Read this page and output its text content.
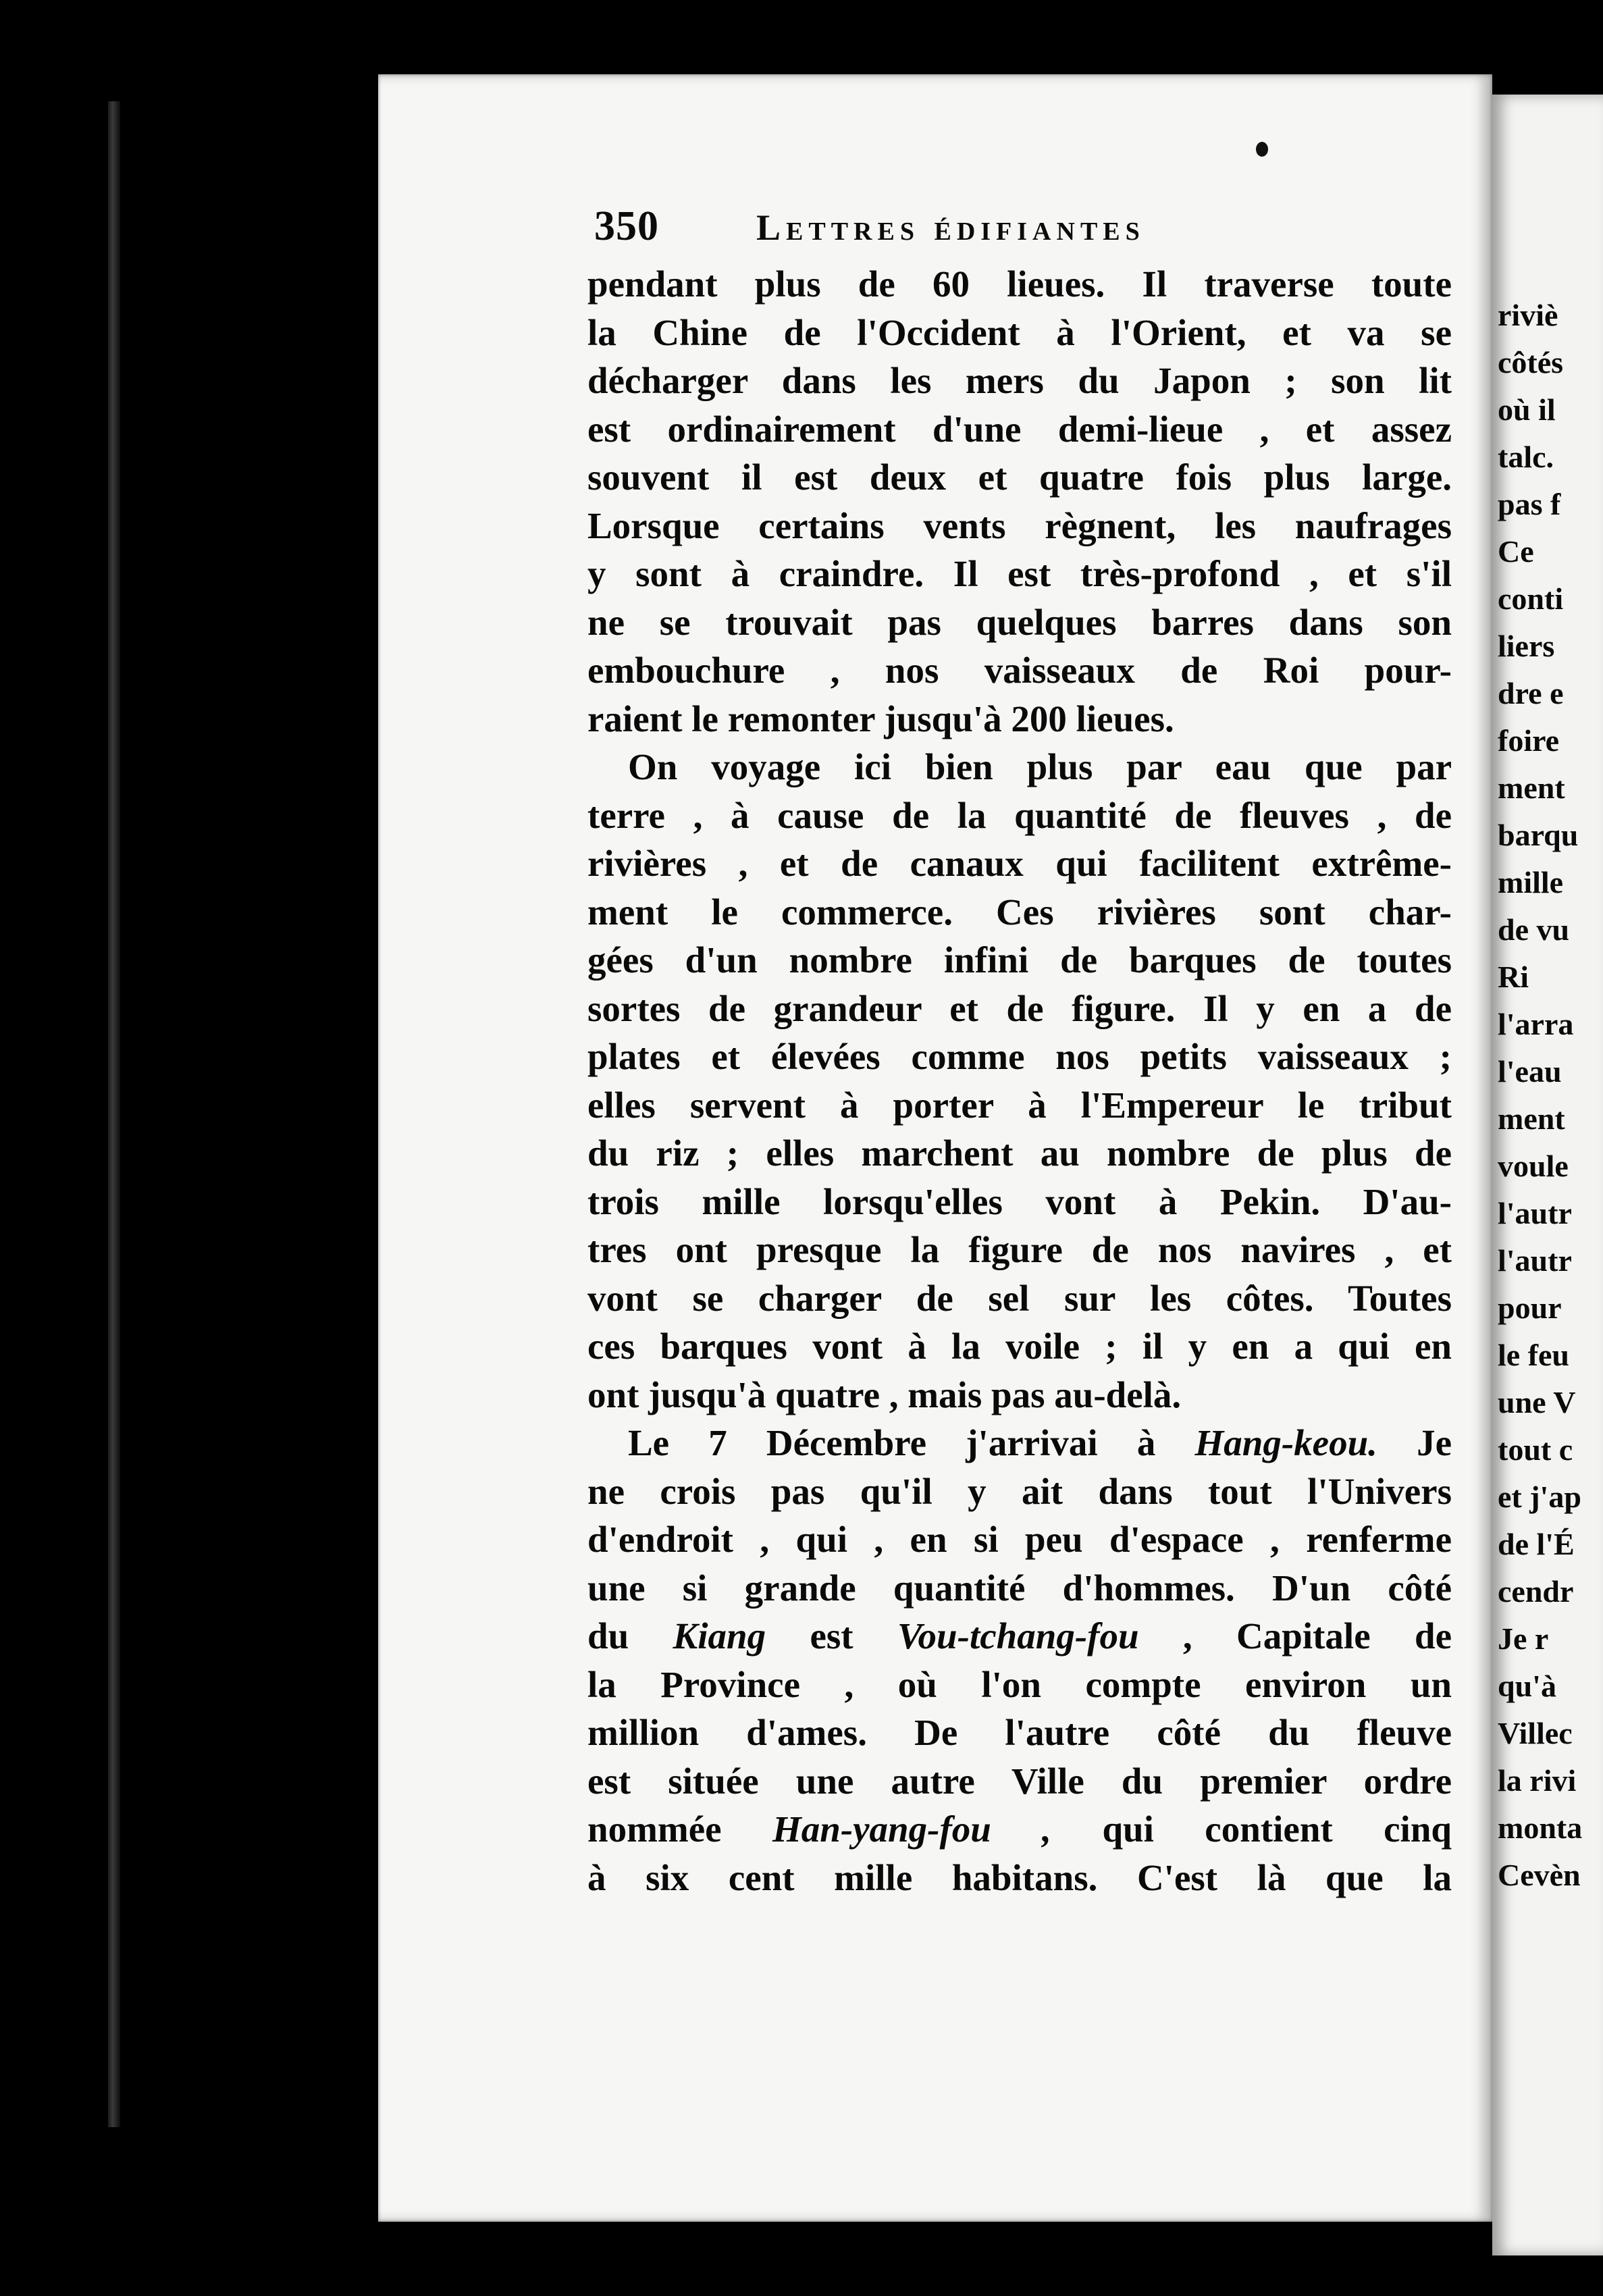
350	Lettres édifiantes
pendant plus de 60 lieues. Il traverse toute
la Chine de l'Occident à l'Orient, et va se
décharger dans les mers du Japon ; son lit
est ordinairement d'une demi-lieue , et assez
souvent il est deux et quatre fois plus large.
Lorsque certains vents règnent, les naufrages
y sont à craindre. Il est très-profond , et s'il
ne se trouvait pas quelques barres dans son
embouchure , nos vaisseaux de Roi pour-
raient le remonter jusqu'à 200 lieues.
On voyage ici bien plus par eau que par
terre , à cause de la quantité de fleuves , de
rivières , et de canaux qui facilitent extrême-
ment le commerce. Ces rivières sont char-
gées d'un nombre infini de barques de toutes
sortes de grandeur et de figure. Il y en a de
plates et élevées comme nos petits vaisseaux ;
elles servent à porter à l'Empereur le tribut
du riz ; elles marchent au nombre de plus de
trois mille lorsqu'elles vont à Pekin. D'au-
tres ont presque la figure de nos navires , et
vont se charger de sel sur les côtes. Toutes
ces barques vont à la voile ; il y en a qui en
ont jusqu'à quatre , mais pas au-delà.
Le 7 Décembre j'arrivai à Hang-keou. Je
ne crois pas qu'il y ait dans tout l'Univers
d'endroit , qui , en si peu d'espace , renferme
une si grande quantité d'hommes. D'un côté
du Kiang est Vou-tchang-fou , Capitale de
la Province , où l'on compte environ un
million d'ames. De l'autre côté du fleuve
est située une autre Ville du premier ordre
nommée Han-yang-fou , qui contient cinq
à six cent mille habitans. C'est là que la
riviè
côtés
où il
talc.
pas f
Ce
conti
liers
dre e
foire
ment
barqu
mille
de vu
Ri
l'arra
l'eau
ment
voule
l'autr
l'autr
pour
le feu
une V
tout c
et j'ap
de l'É
cendr
Je r
qu'à
Villec
la rivi
monta
Cevèn
